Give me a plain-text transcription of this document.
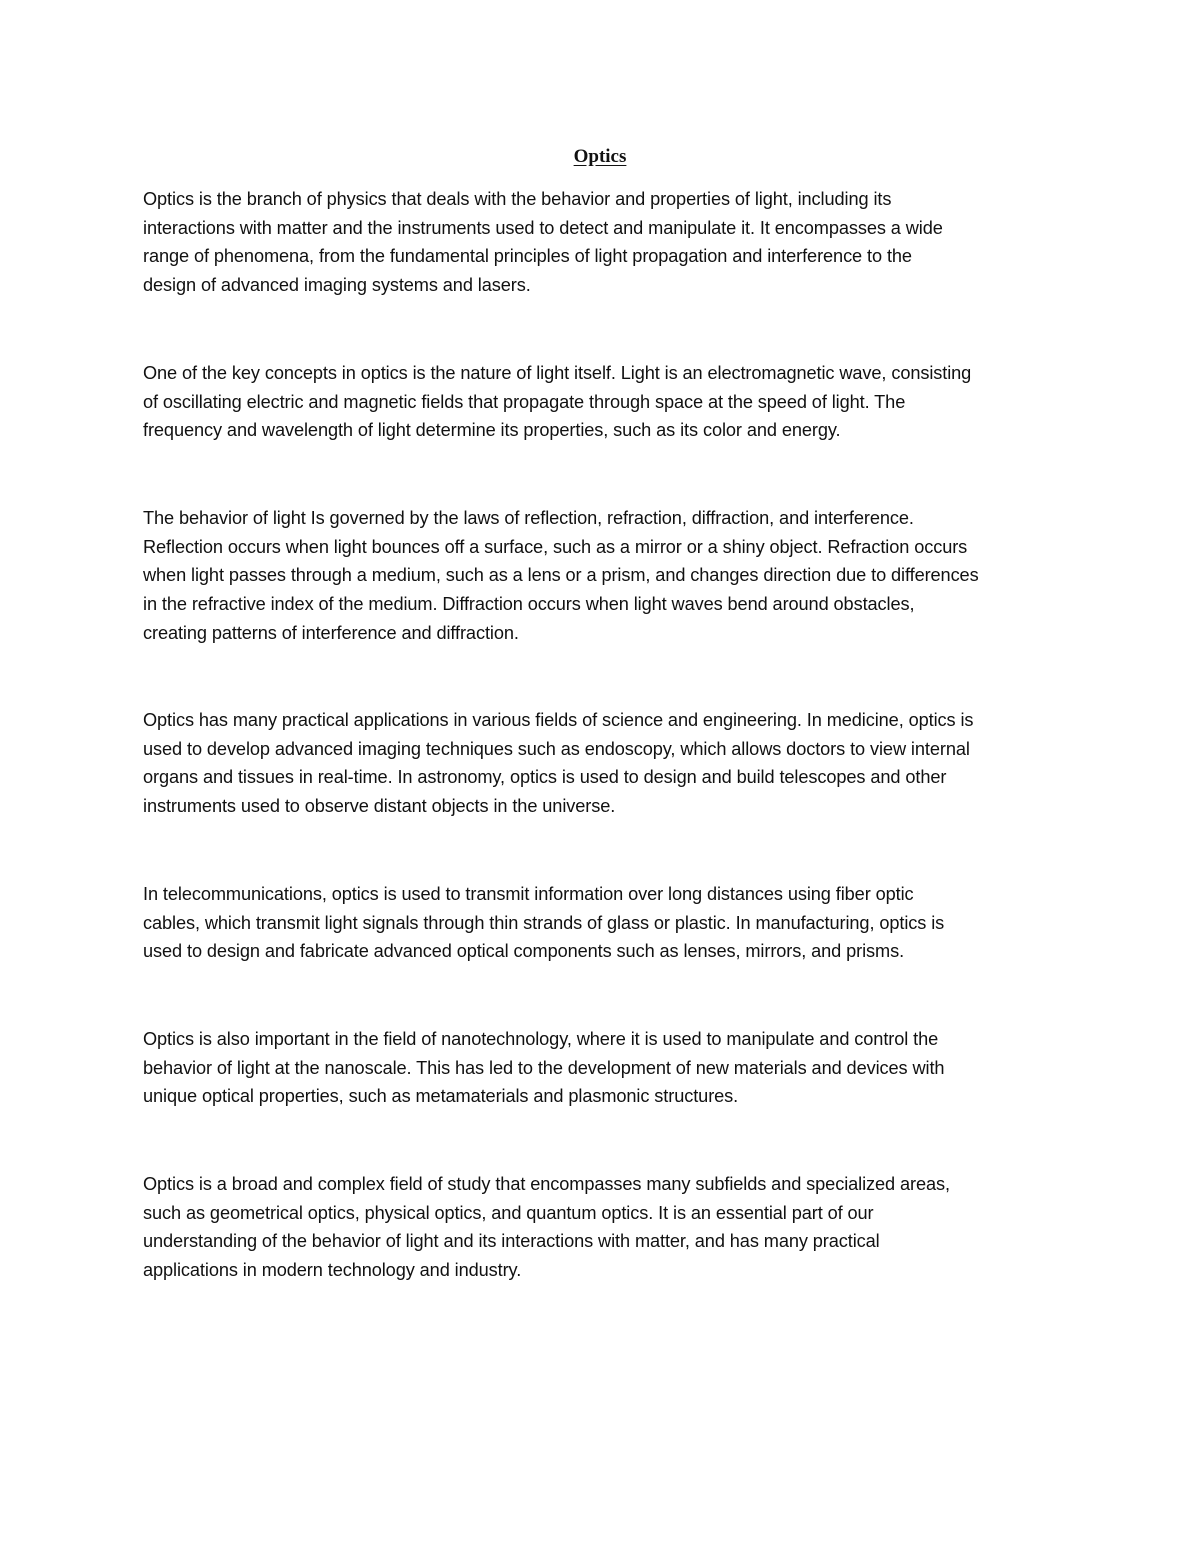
Optics

Optics is the branch of physics that deals with the behavior and properties of light, including its
interactions with matter and the instruments used to detect and manipulate it. It encompasses a wide
range of phenomena, from the fundamental principles of light propagation and interference to the
design of advanced imaging systems and lasers.

One of the key concepts in optics is the nature of light itself. Light is an electromagnetic wave, consisting
of oscillating electric and magnetic fields that propagate through space at the speed of light. The
frequency and wavelength of light determine its properties, such as its color and energy.

The behavior of light Is governed by the laws of reflection, refraction, diffraction, and interference.
Reflection occurs when light bounces off a surface, such as a mirror or a shiny object. Refraction occurs
when light passes through a medium, such as a lens or a prism, and changes direction due to differences
in the refractive index of the medium. Diffraction occurs when light waves bend around obstacles,
creating patterns of interference and diffraction.

Optics has many practical applications in various fields of science and engineering. In medicine, optics is
used to develop advanced imaging techniques such as endoscopy, which allows doctors to view internal
organs and tissues in real-time. In astronomy, optics is used to design and build telescopes and other
instruments used to observe distant objects in the universe.

In telecommunications, optics is used to transmit information over long distances using fiber optic
cables, which transmit light signals through thin strands of glass or plastic. In manufacturing, optics is
used to design and fabricate advanced optical components such as lenses, mirrors, and prisms.

Optics is also important in the field of nanotechnology, where it is used to manipulate and control the
behavior of light at the nanoscale. This has led to the development of new materials and devices with
unique optical properties, such as metamaterials and plasmonic structures.

Optics is a broad and complex field of study that encompasses many subfields and specialized areas,
such as geometrical optics, physical optics, and quantum optics. It is an essential part of our
understanding of the behavior of light and its interactions with matter, and has many practical
applications in modern technology and industry.
